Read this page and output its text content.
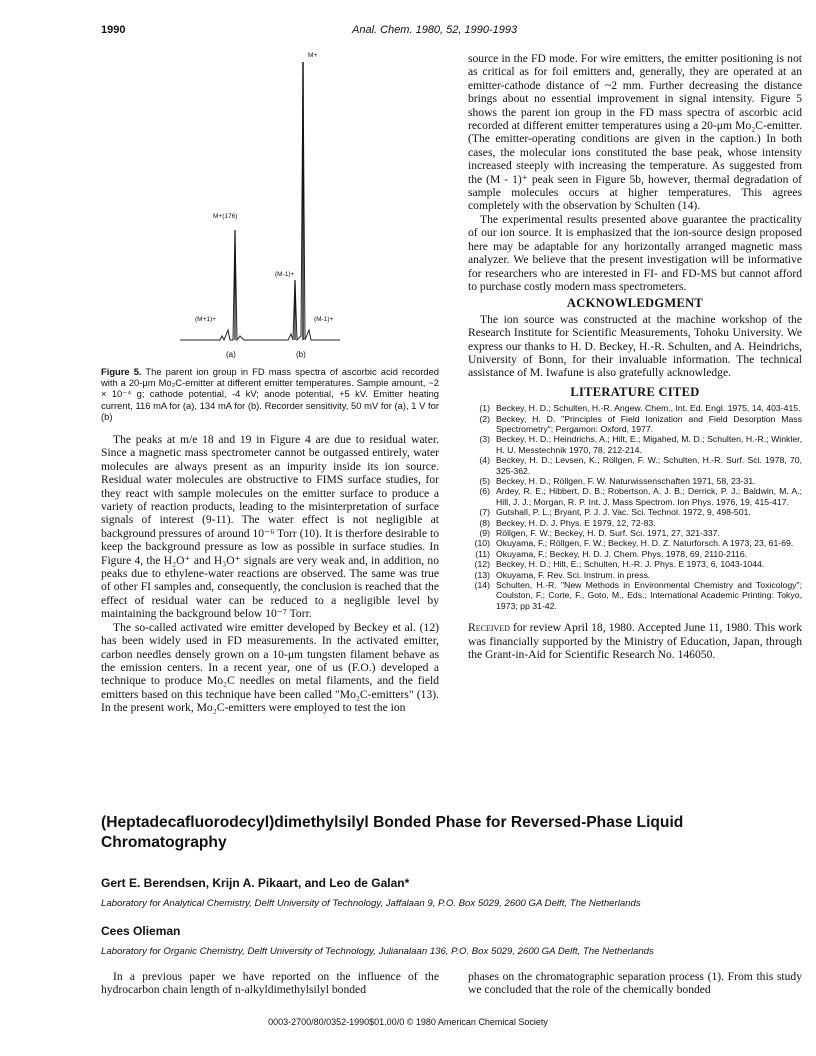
1990	Anal. Chem. 1980, 52, 1990-1993
M+
M+(176)
(M-1)+
(M+1)+	(M-1)+
(a)	(b)
Figure 5. The parent ion group in FD mass spectra of ascorbic acid recorded with a 20-μm Mo₂C-emitter at different emitter temperatures. Sample amount, ~2 × 10⁻⁴ g; cathode potential, -4 kV; anode potential, +5 kV. Emitter heating current, 116 mA for (a), 134 mA for (b). Recorder sensitivity, 50 mV for (a), 1 V for (b)

The peaks at m/e 18 and 19 in Figure 4 are due to residual water. Since a magnetic mass spectrometer cannot be outgassed entirely, water molecules are always present as an impurity inside its ion source. Residual water molecules are obstructive to FIMS surface studies, for they react with sample molecules on the emitter surface to produce a variety of reaction products, leading to the misinterpretation of surface signals of interest (9-11). The water effect is not negligible at background pressures of around 10⁻⁶ Torr (10). It is therfore desirable to keep the background pressure as low as possible in surface studies. In Figure 4, the H₂O⁺ and H₃O⁺ signals are very weak and, in addition, no peaks due to ethylene-water reactions are observed. The same was true of other FI samples and, consequently, the conclusion is reached that the effect of residual water can be reduced to a negligible level by maintaining the background below 10⁻⁷ Torr.

The so-called activated wire emitter developed by Beckey et al. (12) has been widely used in FD measurements. In the activated emitter, carbon needles densely grown on a 10-μm tungsten filament behave as the emission centers. In a recent year, one of us (F.O.) developed a technique to produce Mo₂C needles on metal filaments, and the field emitters based on this technique have been called "Mo₂C-emitters" (13). In the present work, Mo₂C-emitters were employed to test the ion

source in the FD mode. For wire emitters, the emitter positioning is not as critical as for foil emitters and, generally, they are operated at an emitter-cathode distance of ~2 mm. Further decreasing the distance brings about no essential improvement in signal intensity. Figure 5 shows the parent ion group in the FD mass spectra of ascorbic acid recorded at different emitter temperatures using a 20-μm Mo₂C-emitter. (The emitter-operating conditions are given in the caption.) In both cases, the molecular ions constituted the base peak, whose intensity increased steeply with increasing the temperature. As suggested from the (M - 1)⁺ peak seen in Figure 5b, however, thermal degradation of sample molecules occurs at higher temperatures. This agrees completely with the observation by Schulten (14).

The experimental results presented above guarantee the practicality of our ion source. It is emphasized that the ion-source design proposed here may be adaptable for any horizontally arranged magnetic mass analyzer. We believe that the present investigation will be informative for researchers who are interested in FI- and FD-MS but cannot afford to purchase costly modern mass spectrometers.

ACKNOWLEDGMENT

The ion source was constructed at the machine workshop of the Research Institute for Scientific Measurements, Tohoku University. We express our thanks to H. D. Beckey, H.-R. Schulten, and A. Heindrichs, University of Bonn, for their invaluable information. The technical assistance of M. Iwafune is also gratefully acknowledge.

LITERATURE CITED
(1) Beckey, H. D.; Schulten, H.-R. Angew. Chem., Int. Ed. Engl. 1975, 14, 403-415.
(2) Beckey, H. D. "Principles of Field Ionization and Field Desorption Mass Spectrometry"; Pergamon: Oxford, 1977.
(3) Beckey, H. D.; Heindrichs, A.; Hilt, E.; Migahed, M. D.; Schulten, H.-R.; Winkler, H. U. Messtechnik 1970, 78, 212-214.
(4) Beckey, H. D.; Levsen, K.; Röllgen, F. W.; Schulten, H.-R. Surf. Sci. 1978, 70, 325-362.
(5) Beckey, H. D.; Röllgen, F. W. Naturwissenschaften 1971, 58, 23-31.
(6) Ardey, R. E.; Hibbert, D. B.; Robertson, A. J. B.; Derrick, P. J.; Baldwin, M. A.; Hill, J. J.; Morgan, R. P. Int. J. Mass Spectrom. Ion Phys. 1976, 19, 415-417.
(7) Gutshall, P. L.; Bryant, P. J. J. Vac. Sci. Technol. 1972, 9, 498-501.
(8) Beckey, H. D. J. Phys. E 1979, 12, 72-83.
(9) Röllgen, F. W.; Beckey, H. D. Surf. Sci. 1971, 27, 321-337.
(10) Okuyama, F.; Röllgen, F. W.; Beckey, H. D. Z. Naturforsch. A 1973, 23, 61-69.
(11) Okuyama, F.; Beckey, H. D. J. Chem. Phys. 1978, 69, 2110-2116.
(12) Beckey, H. D.; Hilt, E.; Schulten, H.-R. J. Phys. E 1973, 6, 1043-1044.
(13) Okuyama, F. Rev. Sci. Instrum. in press.
(14) Schulten, H.-R. "New Methods in Environmental Chemistry and Toxicology"; Coulston, F.; Corte, F., Goto, M., Eds.; International Academic Printing: Tokyo, 1973; pp 31-42.

Received for review April 18, 1980. Accepted June 11, 1980. This work was financially supported by the Ministry of Education, Japan, through the Grant-in-Aid for Scientific Research No. 146050.

(Heptadecafluorodecyl)dimethylsilyl Bonded Phase for Reversed-Phase Liquid Chromatography
Gert E. Berendsen, Krijn A. Pikaart, and Leo de Galan*
Laboratory for Analytical Chemistry, Delft University of Technology, Jaffalaan 9, P.O. Box 5029, 2600 GA Delft, The Netherlands
Cees Olieman
Laboratory for Organic Chemistry, Delft University of Technology, Julianalaan 136, P.O. Box 5029, 2600 GA Delft, The Netherlands

In a previous paper we have reported on the influence of the hydrocarbon chain length of n-alkyldimethylsilyl bonded

phases on the chromatographic separation process (1). From this study we concluded that the role of the chemically bonded

0003-2700/80/0352-1990$01.00/0 © 1980 American Chemical Society
